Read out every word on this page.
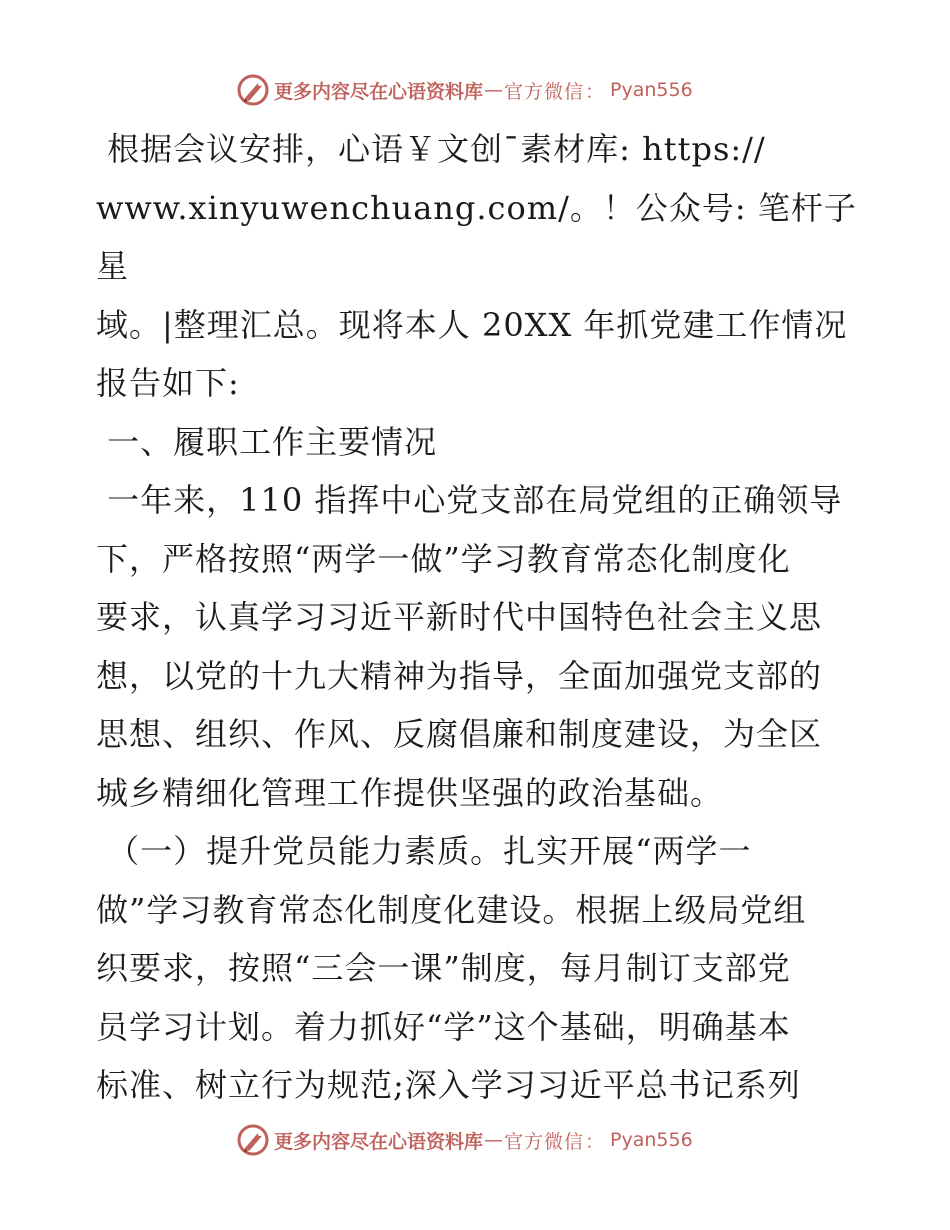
更多内容尽在心语资料库 — 官方微信 ： Pyan556

根据会议安排，心语￥文创¯素材库: https://

www.xinyuwenchuang.com/。！公众号: 笔杆子星

域。|整理汇总。现将本人 20XX 年抓党建工作情况

报告如下:

一、履职工作主要情况

一年来，110 指挥中心党支部在局党组的正确领导

下，严格按照“两学一做”学习教育常态化制度化

要求，认真学习习近平新时代中国特色社会主义思

想，以党的十九大精神为指导，全面加强党支部的

思想、组织、作风、反腐倡廉和制度建设，为全区

城乡精细化管理工作提供坚强的政治基础。

（一）提升党员能力素质。扎实开展“两学一

做”学习教育常态化制度化建设。根据上级局党组

织要求，按照“三会一课”制度，每月制订支部党

员学习计划。着力抓好“学”这个基础，明确基本

标准、树立行为规范;深入学习习近平总书记系列

更多内容尽在心语资料库 — 官方微信 ： Pyan556
